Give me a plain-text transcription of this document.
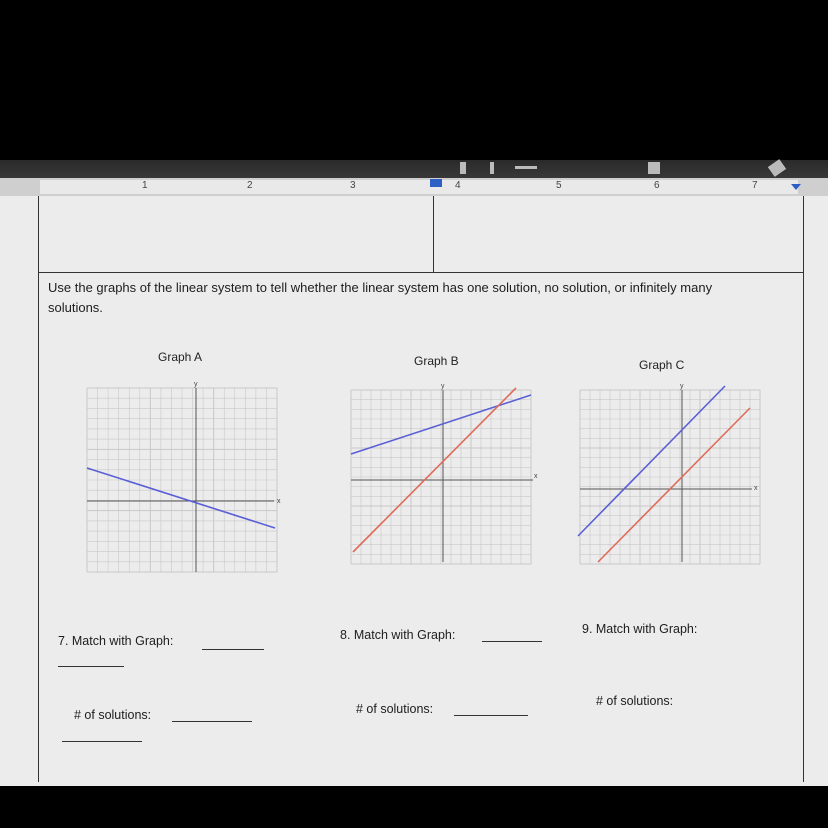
1	2	3	4	5	6	7
Use the graphs of the linear system to tell whether the linear system has one solution, no solution, or infinitely many solutions.
Graph A	Graph B	Graph C
y
x
y
x
y
x
7. Match with Graph:	8. Match with Graph:	9. Match with Graph:
# of solutions:	# of solutions:
# of solutions:
